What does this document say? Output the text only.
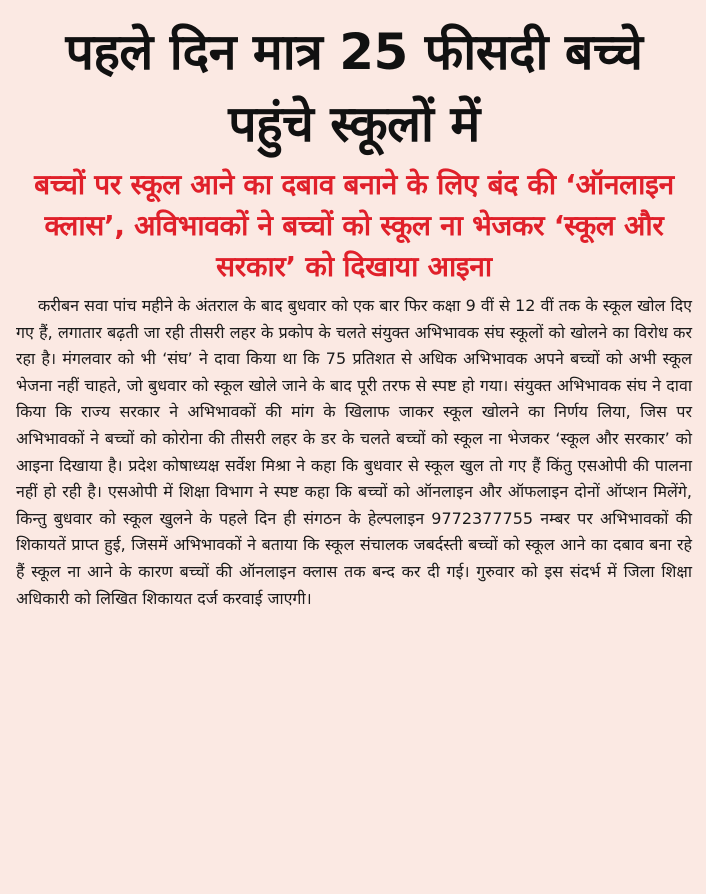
पहले दिन मात्र 25 फीसदी बच्चे पहुंचे स्कूलों में
बच्चों पर स्कूल आने का दबाव बनाने के लिए बंद की ‘ऑनलाइन क्लास’, अविभावकों ने बच्चों को स्कूल ना भेजकर ‘स्कूल और सरकार’ को दिखाया आइना

करीबन सवा पांच महीने के अंतराल के बाद बुधवार को एक बार फिर कक्षा 9 वीं से 12 वीं तक के स्कूल खोल दिए गए हैं, लगातार बढ़ती जा रही तीसरी लहर के प्रकोप के चलते संयुक्त अभिभावक संघ स्कूलों को खोलने का विरोध कर रहा है। मंगलवार को भी ‘संघ’ ने दावा किया था कि 75 प्रतिशत से अधिक अभिभावक अपने बच्चों को अभी स्कूल भेजना नहीं चाहते, जो बुधवार को स्कूल खोले जाने के बाद पूरी तरफ से स्पष्ट हो गया। संयुक्त अभिभावक संघ ने दावा किया कि राज्य सरकार ने अभिभावकों की मांग के खिलाफ जाकर स्कूल खोलने का निर्णय लिया, जिस पर अभिभावकों ने बच्चों को कोरोना की तीसरी लहर के डर के चलते बच्चों को स्कूल ना भेजकर ‘स्कूल और सरकार’ को आइना दिखाया है। प्रदेश कोषाध्यक्ष सर्वेश मिश्रा ने कहा कि बुधवार से स्कूल खुल तो गए हैं किंतु एसओपी की पालना नहीं हो रही है। एसओपी में शिक्षा विभाग ने स्पष्ट कहा कि बच्चों को ऑनलाइन और ऑफलाइन दोनों ऑप्शन मिलेंगे, किन्तु बुधवार को स्कूल खुलने के पहले दिन ही संगठन के हेल्पलाइन 9772377755 नम्बर पर अभिभावकों की शिकायतें प्राप्त हुई, जिसमें अभिभावकों ने बताया कि स्कूल संचालक जबर्दस्ती बच्चों को स्कूल आने का दबाव बना रहे हैं स्कूल ना आने के कारण बच्चों की ऑनलाइन क्लास तक बन्द कर दी गई। गुरुवार को इस संदर्भ में जिला शिक्षा अधिकारी को लिखित शिकायत दर्ज करवाई जाएगी।
